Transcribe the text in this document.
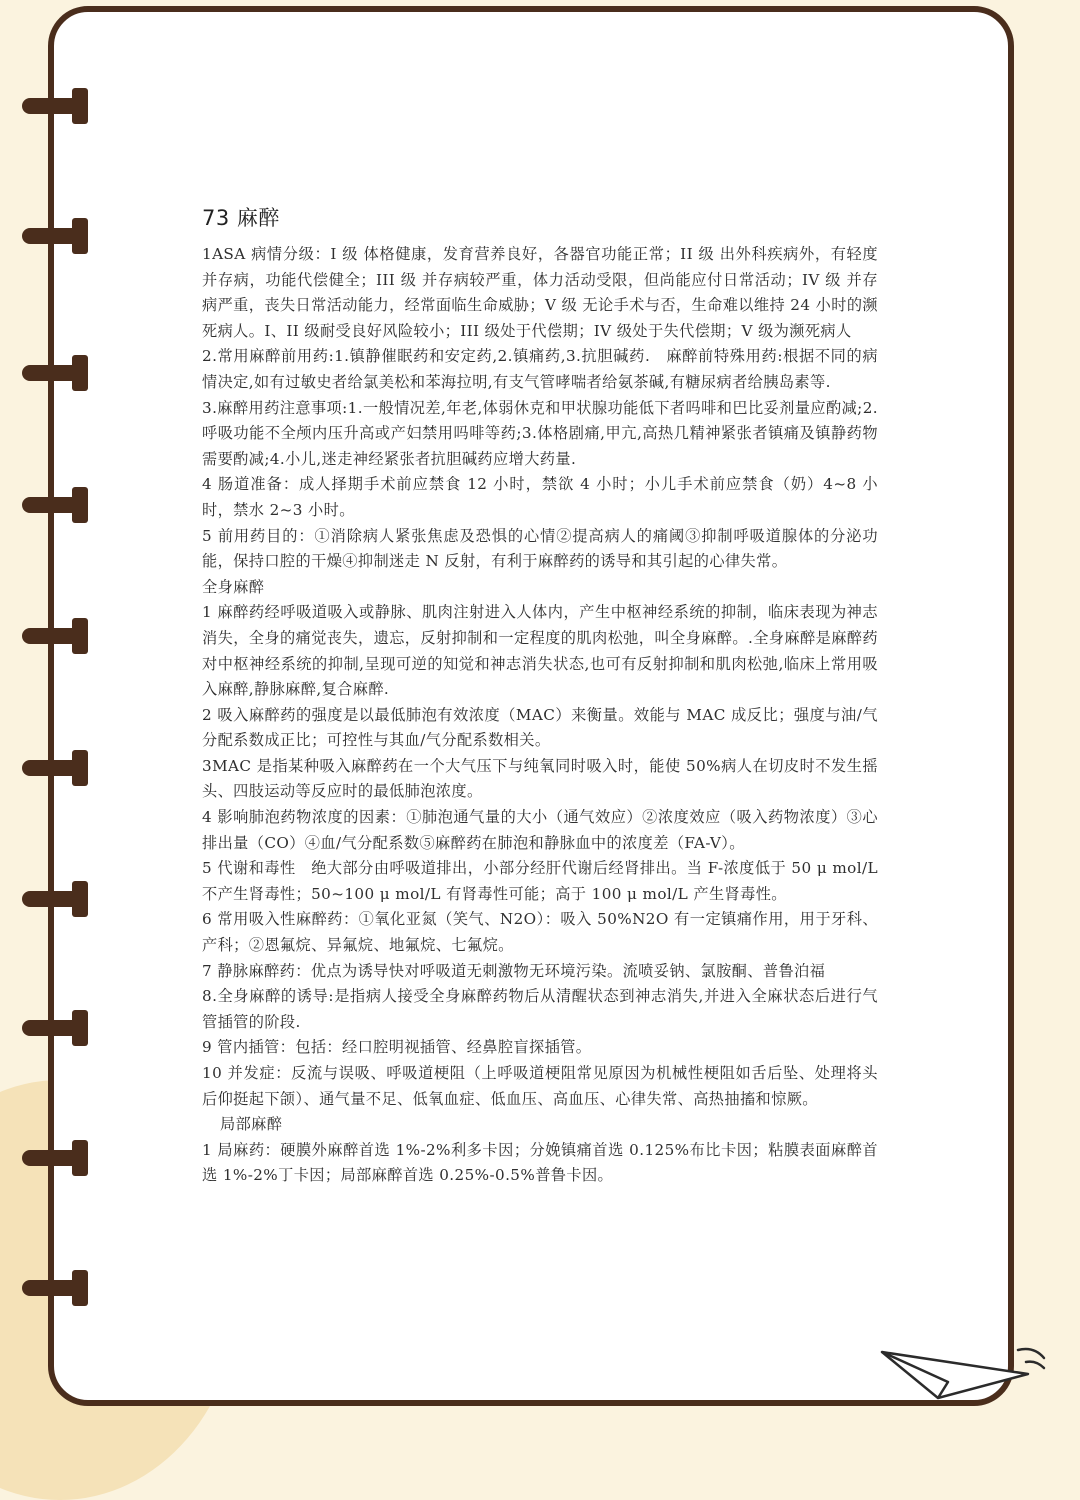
73 麻醉

1ASA 病情分级：I 级 体格健康，发育营养良好，各器官功能正常；II 级 出外科疾病外，有轻度并存病，功能代偿健全；III 级 并存病较严重，体力活动受限，但尚能应付日常活动；IV 级 并存病严重，丧失日常活动能力，经常面临生命威胁；V 级 无论手术与否，生命难以维持 24 小时的濒死病人。I、II 级耐受良好风险较小；III 级处于代偿期；IV 级处于失代偿期；V 级为濒死病人

2.常用麻醉前用药:1.镇静催眠药和安定药,2.镇痛药,3.抗胆碱药.　麻醉前特殊用药:根据不同的病情决定,如有过敏史者给氯美松和苯海拉明,有支气管哮喘者给氨茶碱,有糖尿病者给胰岛素等.

3.麻醉用药注意事项:1.一般情况差,年老,体弱休克和甲状腺功能低下者吗啡和巴比妥剂量应酌减;2.呼吸功能不全颅内压升高或产妇禁用吗啡等药;3.体格剧痛,甲亢,高热几精神紧张者镇痛及镇静药物需要酌减;4.小儿,迷走神经紧张者抗胆碱药应增大药量.

4 肠道准备：成人择期手术前应禁食 12 小时，禁欲 4 小时；小儿手术前应禁食（奶）4~8 小时，禁水 2~3 小时。

5 前用药目的：①消除病人紧张焦虑及恐惧的心情②提高病人的痛阈③抑制呼吸道腺体的分泌功能，保持口腔的干燥④抑制迷走 N 反射，有利于麻醉药的诱导和其引起的心律失常。

全身麻醉

1 麻醉药经呼吸道吸入或静脉、肌肉注射进入人体内，产生中枢神经系统的抑制，临床表现为神志消失，全身的痛觉丧失，遗忘，反射抑制和一定程度的肌肉松弛，叫全身麻醉。.全身麻醉是麻醉药对中枢神经系统的抑制,呈现可逆的知觉和神志消失状态,也可有反射抑制和肌肉松弛,临床上常用吸入麻醉,静脉麻醉,复合麻醉.

2 吸入麻醉药的强度是以最低肺泡有效浓度（MAC）来衡量。效能与 MAC 成反比；强度与油/气分配系数成正比；可控性与其血/气分配系数相关。

3MAC 是指某种吸入麻醉药在一个大气压下与纯氧同时吸入时，能使 50%病人在切皮时不发生摇头、四肢运动等反应时的最低肺泡浓度。

4 影响肺泡药物浓度的因素：①肺泡通气量的大小（通气效应）②浓度效应（吸入药物浓度）③心排出量（CO）④血/气分配系数⑤麻醉药在肺泡和静脉血中的浓度差（FA-V）。

5 代谢和毒性　绝大部分由呼吸道排出，小部分经肝代谢后经肾排出。当 F-浓度低于 50 μ mol/L 不产生肾毒性；50~100 μ mol/L 有肾毒性可能；高于 100 μ mol/L 产生肾毒性。

6 常用吸入性麻醉药：①氧化亚氮（笑气、N2O）：吸入 50%N2O 有一定镇痛作用，用于牙科、产科；②恩氟烷、异氟烷、地氟烷、七氟烷。

7 静脉麻醉药：优点为诱导快对呼吸道无刺激物无环境污染。流喷妥钠、氯胺酮、普鲁泊福

8.全身麻醉的诱导:是指病人接受全身麻醉药物后从清醒状态到神志消失,并进入全麻状态后进行气管插管的阶段.

9 管内插管：包括：经口腔明视插管、经鼻腔盲探插管。

10 并发症：反流与误吸、呼吸道梗阻（上呼吸道梗阻常见原因为机械性梗阻如舌后坠、处理将头后仰挺起下颌）、通气量不足、低氧血症、低血压、高血压、心律失常、高热抽搐和惊厥。

局部麻醉

1 局麻药：硬膜外麻醉首选 1%-2%利多卡因；分娩镇痛首选 0.125%布比卡因；粘膜表面麻醉首选 1%-2%丁卡因；局部麻醉首选 0.25%-0.5%普鲁卡因。
